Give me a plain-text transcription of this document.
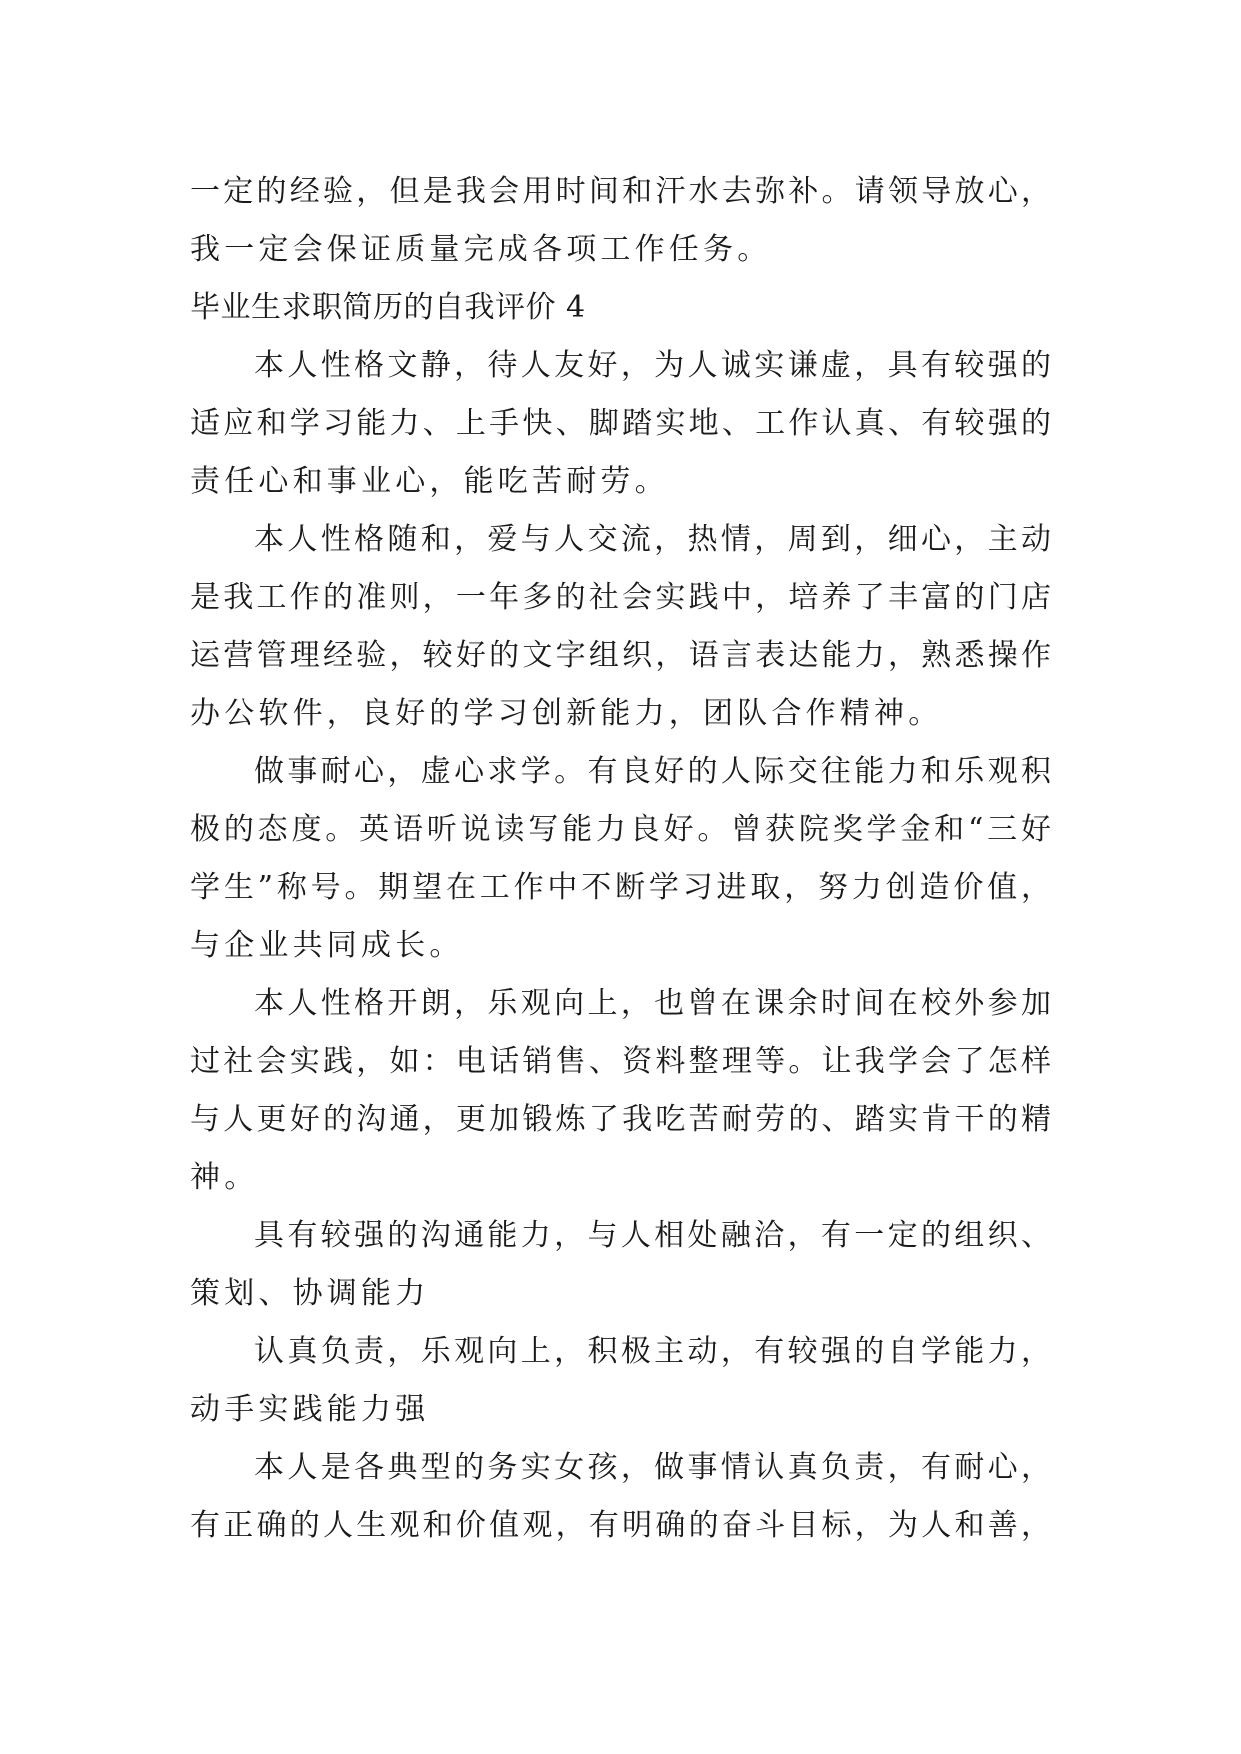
一定的经验，但是我会用时间和汗水去弥补。请领导放心，
我一定会保证质量完成各项工作任务。
毕业生求职简历的自我评价 4
本人性格文静，待人友好，为人诚实谦虚，具有较强的
适应和学习能力、上手快、脚踏实地、工作认真、有较强的
责任心和事业心，能吃苦耐劳。
本人性格随和，爱与人交流，热情，周到，细心，主动
是我工作的准则，一年多的社会实践中，培养了丰富的门店
运营管理经验，较好的文字组织，语言表达能力，熟悉操作
办公软件，良好的学习创新能力，团队合作精神。
做事耐心，虚心求学。有良好的人际交往能力和乐观积
极的态度。英语听说读写能力良好。曾获院奖学金和“三好
学生”称号。期望在工作中不断学习进取，努力创造价值，
与企业共同成长。
本人性格开朗，乐观向上，也曾在课余时间在校外参加
过社会实践，如：电话销售、资料整理等。让我学会了怎样
与人更好的沟通，更加锻炼了我吃苦耐劳的、踏实肯干的精
神。
具有较强的沟通能力，与人相处融洽，有一定的组织、
策划、协调能力
认真负责，乐观向上，积极主动，有较强的自学能力，
动手实践能力强
本人是各典型的务实女孩，做事情认真负责，有耐心，
有正确的人生观和价值观，有明确的奋斗目标，为人和善，
